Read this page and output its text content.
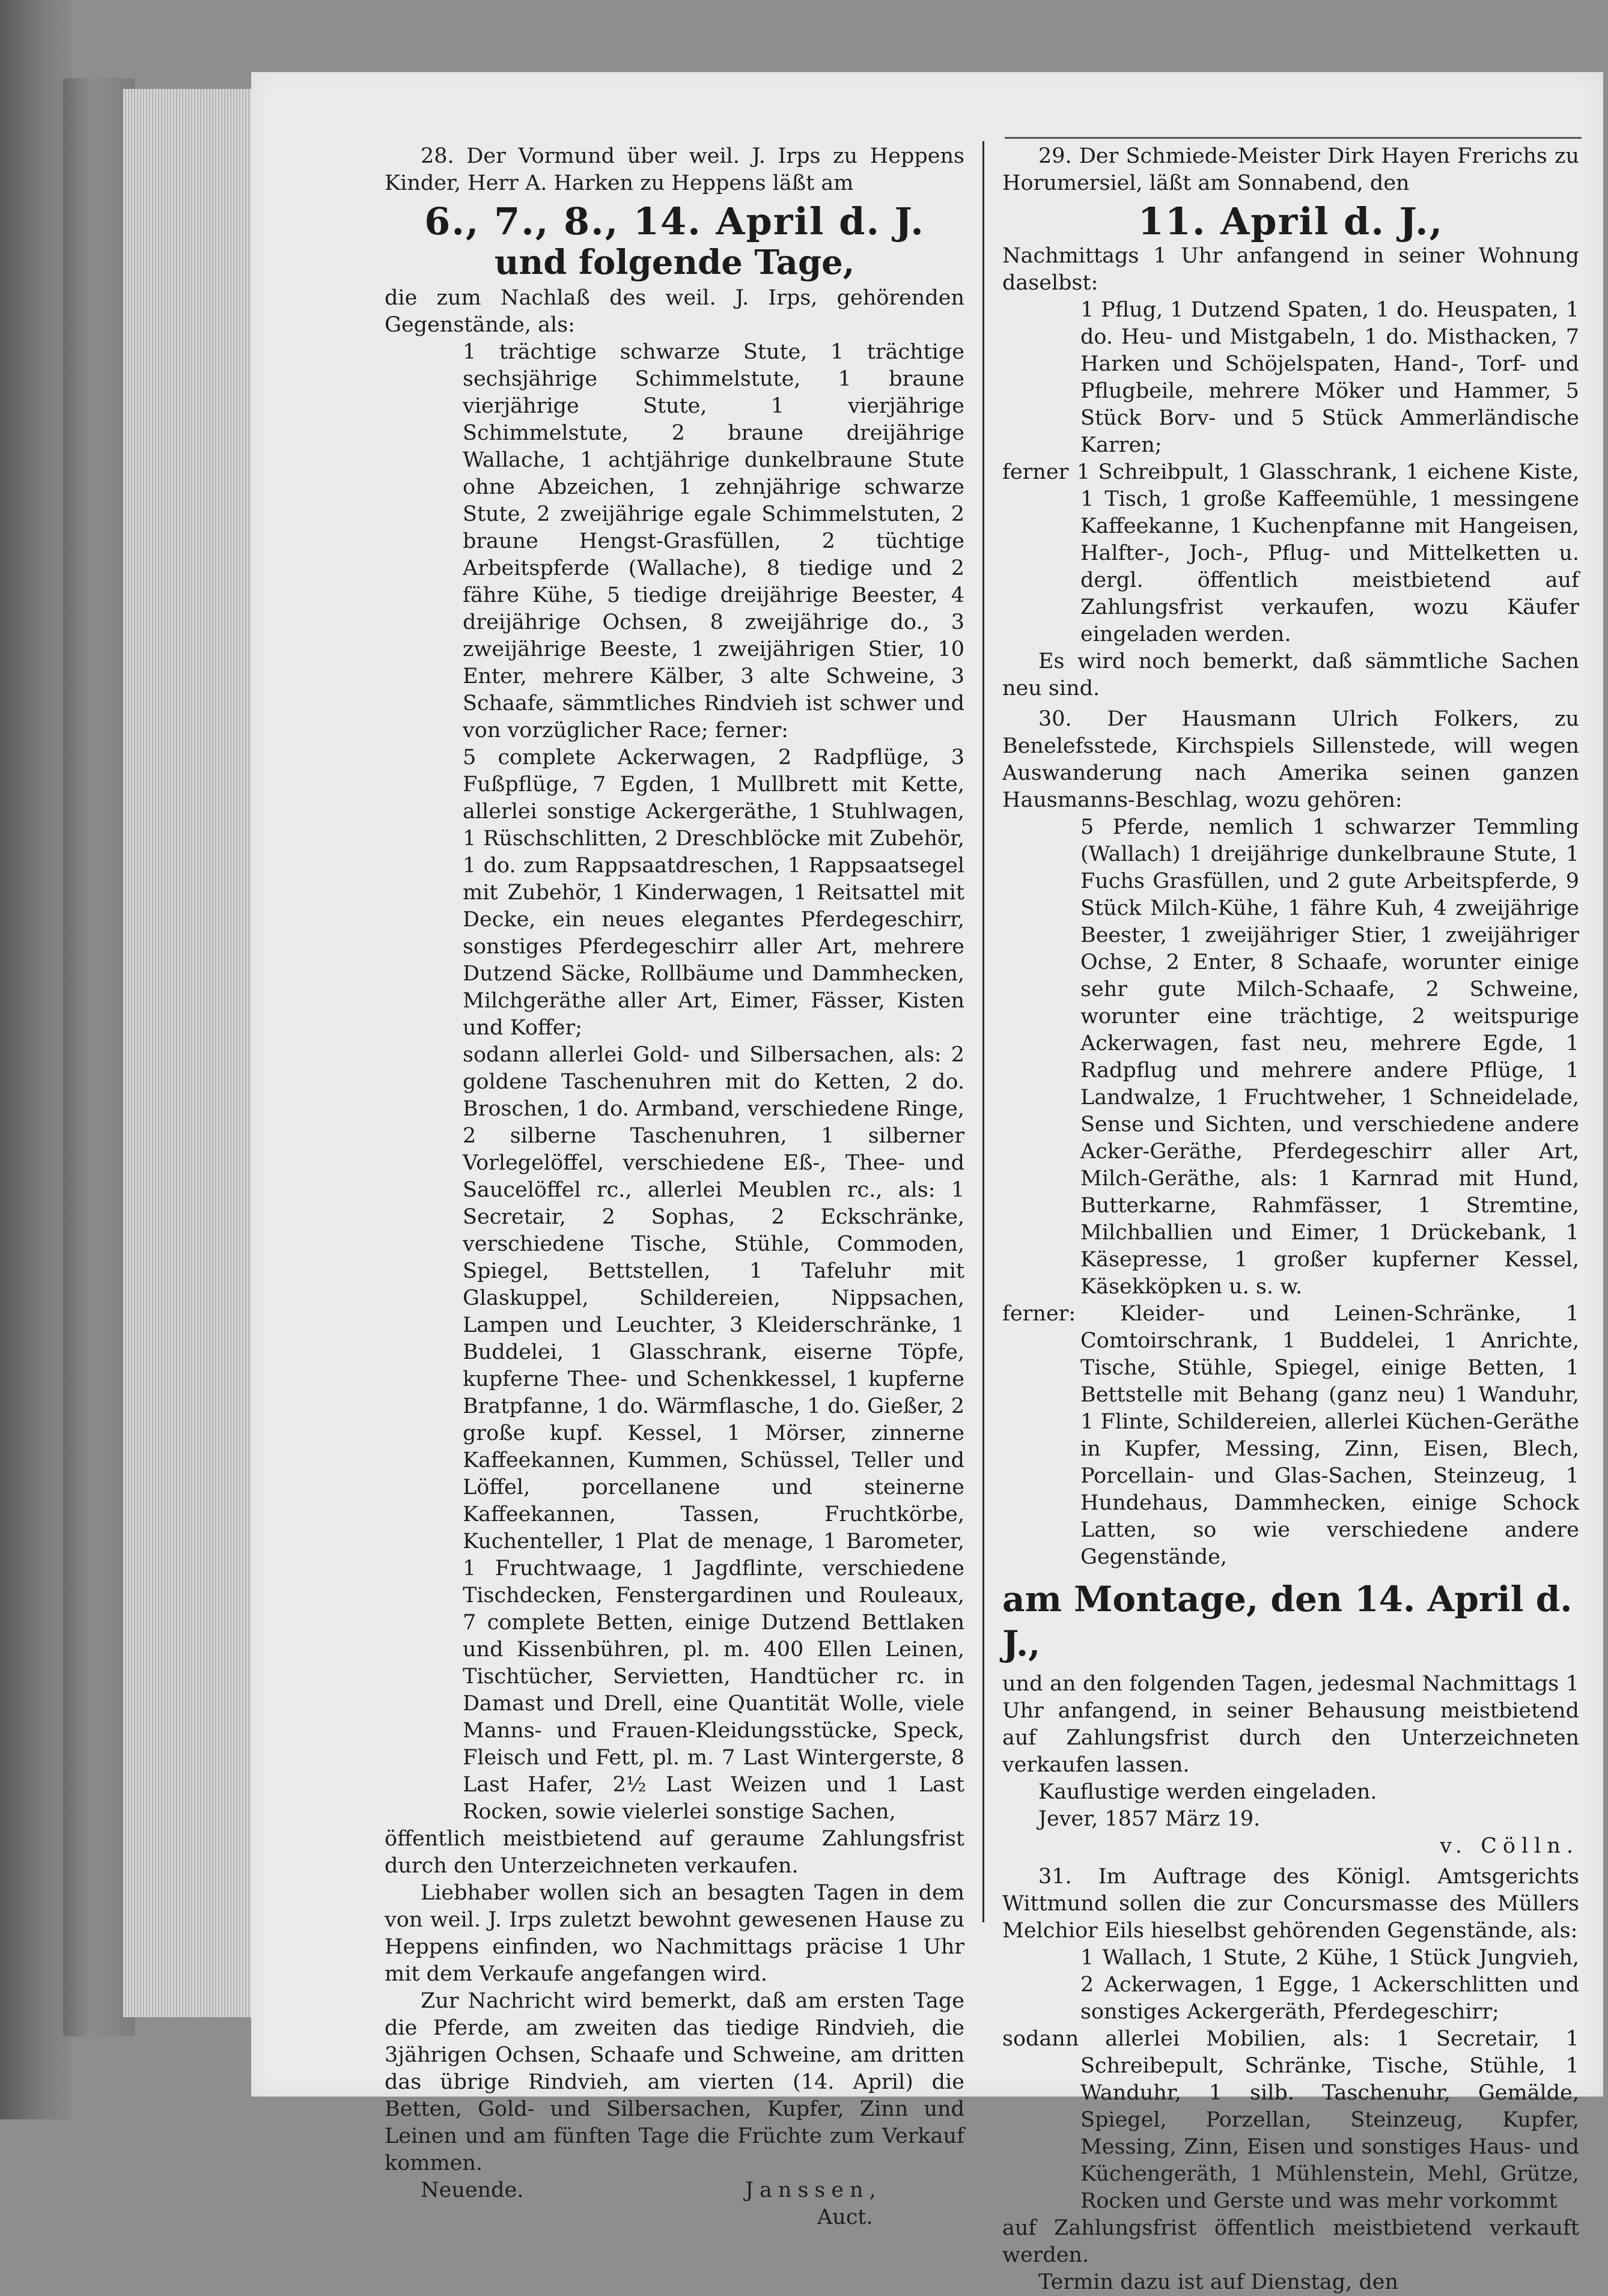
28. Der Vormund über weil. J. Irps zu Heppens Kinder, Herr A. Harken zu Heppens läßt am

6., 7., 8., 14. April d. J.

und folgende Tage,

die zum Nachlaß des weil. J. Irps, gehörenden Gegenstände, als:

1 trächtige schwarze Stute, 1 trächtige sechsjährige Schimmelstute, 1 braune vierjährige Stute, 1 vierjährige Schimmelstute, 2 braune dreijährige Wallache, 1 achtjährige dunkelbraune Stute ohne Abzeichen, 1 zehnjährige schwarze Stute, 2 zweijährige egale Schimmelstuten, 2 braune Hengst-Grasfüllen, 2 tüchtige Arbeitspferde (Wallache), 8 tiedige und 2 fähre Kühe, 5 tiedige dreijährige Beester, 4 dreijährige Ochsen, 8 zweijährige do., 3 zweijährige Beeste, 1 zweijährigen Stier, 10 Enter, mehrere Kälber, 3 alte Schweine, 3 Schaafe, sämmtliches Rindvieh ist schwer und von vorzüglicher Race; ferner:

5 complete Ackerwagen, 2 Radpflüge, 3 Fußpflüge, 7 Egden, 1 Mullbrett mit Kette, allerlei sonstige Ackergeräthe, 1 Stuhlwagen, 1 Rüschschlitten, 2 Dreschblöcke mit Zubehör, 1 do. zum Rappsaatdreschen, 1 Rappsaatsegel mit Zubehör, 1 Kinderwagen, 1 Reitsattel mit Decke, ein neues elegantes Pferdegeschirr, sonstiges Pferdegeschirr aller Art, mehrere Dutzend Säcke, Rollbäume und Dammhecken, Milchgeräthe aller Art, Eimer, Fässer, Kisten und Koffer;

sodann allerlei Gold- und Silbersachen, als: 2 goldene Taschenuhren mit do Ketten, 2 do. Broschen, 1 do. Armband, verschiedene Ringe, 2 silberne Taschenuhren, 1 silberner Vorlegelöffel, verschiedene Eß-, Thee- und Saucelöffel rc., allerlei Meublen rc., als: 1 Secretair, 2 Sophas, 2 Eckschränke, verschiedene Tische, Stühle, Commoden, Spiegel, Bettstellen, 1 Tafeluhr mit Glaskuppel, Schildereien, Nippsachen, Lampen und Leuchter, 3 Kleiderschränke, 1 Buddelei, 1 Glasschrank, eiserne Töpfe, kupferne Thee- und Schenkkessel, 1 kupferne Bratpfanne, 1 do. Wärmflasche, 1 do. Gießer, 2 große kupf. Kessel, 1 Mörser, zinnerne Kaffeekannen, Kummen, Schüssel, Teller und Löffel, porcellanene und steinerne Kaffeekannen, Tassen, Fruchtkörbe, Kuchenteller, 1 Plat de menage, 1 Barometer, 1 Fruchtwaage, 1 Jagdflinte, verschiedene Tischdecken, Fenstergardinen und Rouleaux, 7 complete Betten, einige Dutzend Bettlaken und Kissenbühren, pl. m. 400 Ellen Leinen, Tischtücher, Servietten, Handtücher rc. in Damast und Drell, eine Quantität Wolle, viele Manns- und Frauen-Kleidungsstücke, Speck, Fleisch und Fett, pl. m. 7 Last Wintergerste, 8 Last Hafer, 2½ Last Weizen und 1 Last Rocken, sowie vielerlei sonstige Sachen,

öffentlich meistbietend auf geraume Zahlungsfrist durch den Unterzeichneten verkaufen.

Liebhaber wollen sich an besagten Tagen in dem von weil. J. Irps zuletzt bewohnt gewesenen Hause zu Heppens einfinden, wo Nachmittags präcise 1 Uhr mit dem Verkaufe angefangen wird.

Zur Nachricht wird bemerkt, daß am ersten Tage die Pferde, am zweiten das tiedige Rindvieh, die 3jährigen Ochsen, Schaafe und Schweine, am dritten das übrige Rindvieh, am vierten (14. April) die Betten, Gold- und Silbersachen, Kupfer, Zinn und Leinen und am fünften Tage die Früchte zum Verkauf kommen.

Neuende.	Janssen,
Auct.

29. Der Schmiede-Meister Dirk Hayen Frerichs zu Horumersiel, läßt am Sonnabend, den

11. April d. J.,

Nachmittags 1 Uhr anfangend in seiner Wohnung daselbst:

1 Pflug, 1 Dutzend Spaten, 1 do. Heuspaten, 1 do. Heu- und Mistgabeln, 1 do. Misthacken, 7 Harken und Schöjelspaten, Hand-, Torf- und Pflugbeile, mehrere Möker und Hammer, 5 Stück Borv- und 5 Stück Ammerländische Karren;

ferner 1 Schreibpult, 1 Glasschrank, 1 eichene Kiste, 1 Tisch, 1 große Kaffeemühle, 1 messingene Kaffeekanne, 1 Kuchenpfanne mit Hangeisen, Halfter-, Joch-, Pflug- und Mittelketten u. dergl. öffentlich meistbietend auf Zahlungsfrist verkaufen, wozu Käufer eingeladen werden.

Es wird noch bemerkt, daß sämmtliche Sachen neu sind.

30. Der Hausmann Ulrich Folkers, zu Benelefsstede, Kirchspiels Sillenstede, will wegen Auswanderung nach Amerika seinen ganzen Hausmanns-Beschlag, wozu gehören:

5 Pferde, nemlich 1 schwarzer Temmling (Wallach) 1 dreijährige dunkelbraune Stute, 1 Fuchs Grasfüllen, und 2 gute Arbeitspferde, 9 Stück Milch-Kühe, 1 fähre Kuh, 4 zweijährige Beester, 1 zweijähriger Stier, 1 zweijähriger Ochse, 2 Enter, 8 Schaafe, worunter einige sehr gute Milch-Schaafe, 2 Schweine, worunter eine trächtige, 2 weitspurige Ackerwagen, fast neu, mehrere Egde, 1 Radpflug und mehrere andere Pflüge, 1 Landwalze, 1 Fruchtweher, 1 Schneidelade, Sense und Sichten, und verschiedene andere Acker-Geräthe, Pferdegeschirr aller Art, Milch-Geräthe, als: 1 Karnrad mit Hund, Butterkarne, Rahmfässer, 1 Stremtine, Milchballien und Eimer, 1 Drückebank, 1 Käsepresse, 1 großer kupferner Kessel, Käsekköpken u. s. w.

ferner: Kleider- und Leinen-Schränke, 1 Comtoirschrank, 1 Buddelei, 1 Anrichte, Tische, Stühle, Spiegel, einige Betten, 1 Bettstelle mit Behang (ganz neu) 1 Wanduhr, 1 Flinte, Schildereien, allerlei Küchen-Geräthe in Kupfer, Messing, Zinn, Eisen, Blech, Porcellain- und Glas-Sachen, Steinzeug, 1 Hundehaus, Dammhecken, einige Schock Latten, so wie verschiedene andere Gegenstände,

am Montage, den 14. April d. J.,

und an den folgenden Tagen, jedesmal Nachmittags 1 Uhr anfangend, in seiner Behausung meistbietend auf Zahlungsfrist durch den Unterzeichneten verkaufen lassen.

Kauflustige werden eingeladen.

Jever, 1857 März 19.

v. Cölln.

31. Im Auftrage des Königl. Amtsgerichts Wittmund sollen die zur Concursmasse des Müllers Melchior Eils hieselbst gehörenden Gegenstände, als:

1 Wallach, 1 Stute, 2 Kühe, 1 Stück Jungvieh, 2 Ackerwagen, 1 Egge, 1 Ackerschlitten und sonstiges Ackergeräth, Pferdegeschirr;

sodann allerlei Mobilien, als: 1 Secretair, 1 Schreibepult, Schränke, Tische, Stühle, 1 Wanduhr, 1 silb. Taschenuhr, Gemälde, Spiegel, Porzellan, Steinzeug, Kupfer, Messing, Zinn, Eisen und sonstiges Haus- und Küchengeräth, 1 Mühlenstein, Mehl, Grütze, Rocken und Gerste und was mehr vorkommt

auf Zahlungsfrist öffentlich meistbietend verkauft werden.

Termin dazu ist auf Dienstag, den
